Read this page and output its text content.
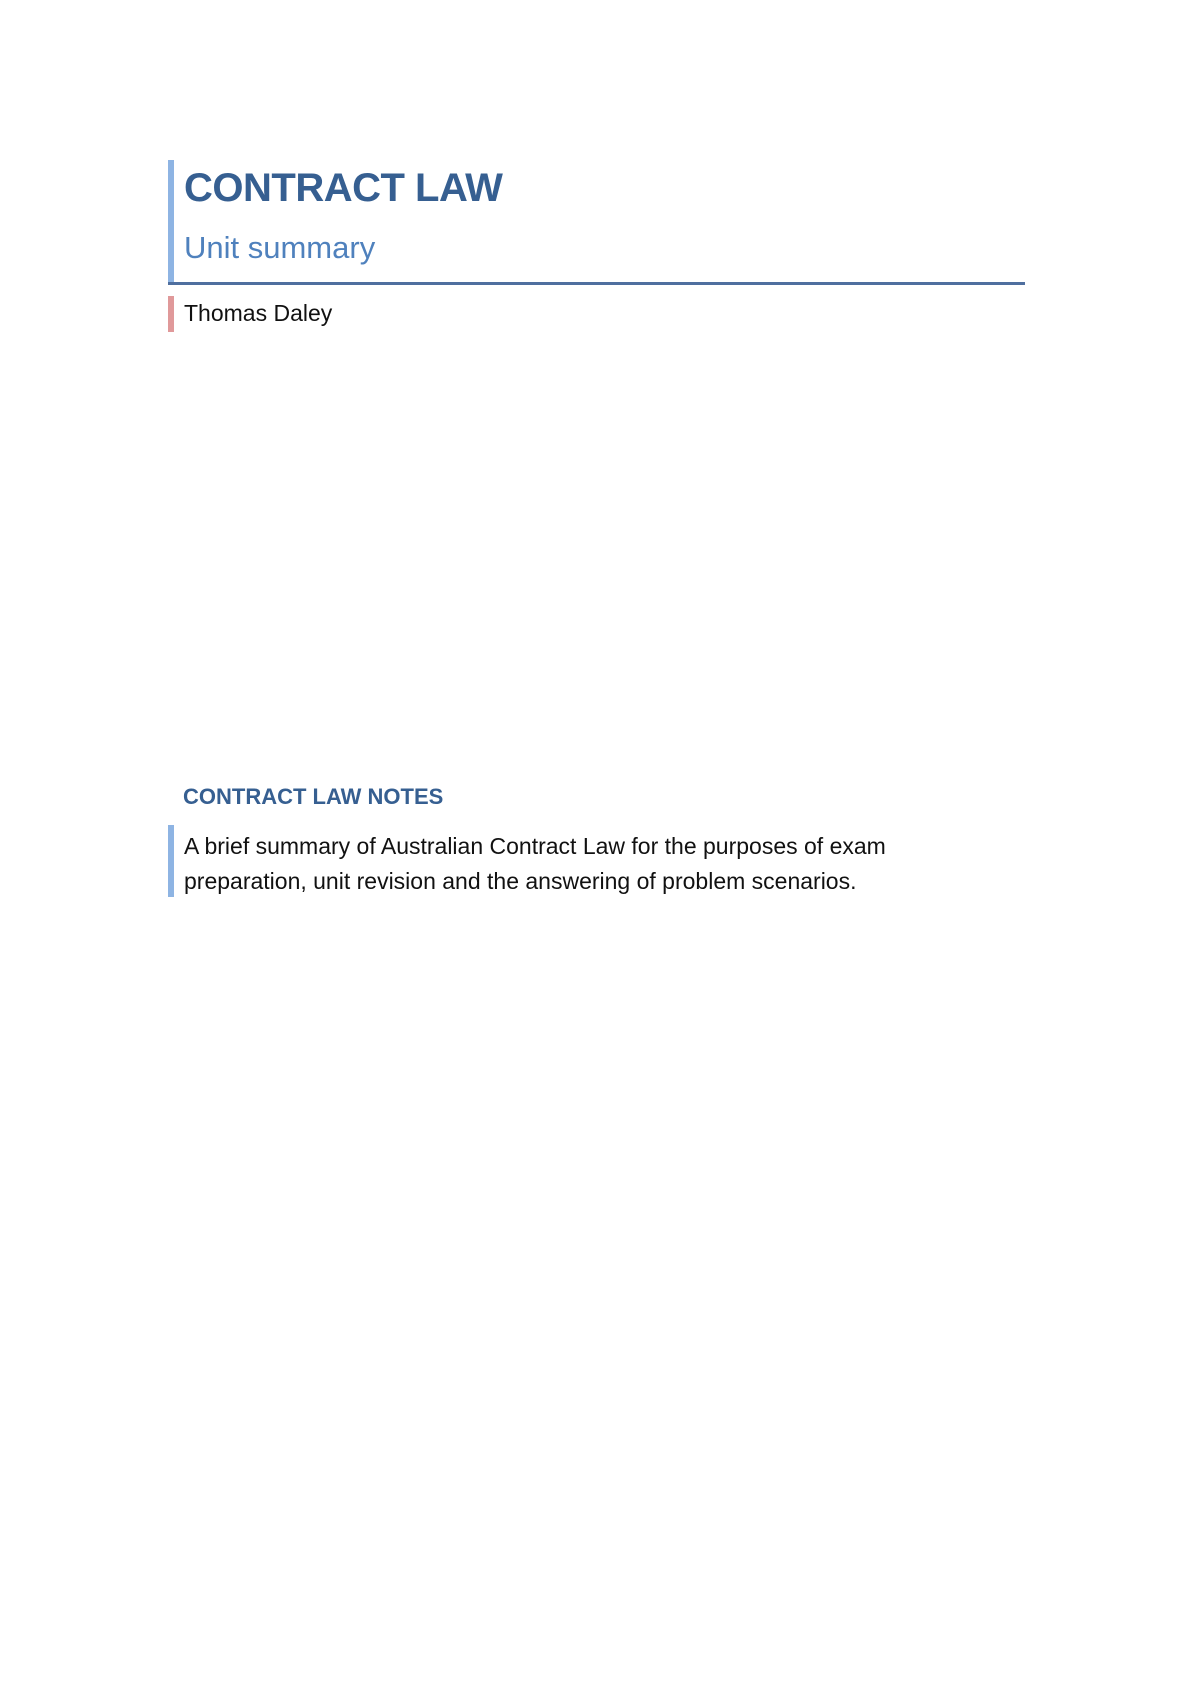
CONTRACT LAW
Unit summary
Thomas Daley
CONTRACT LAW NOTES
A brief summary of Australian Contract Law for the purposes of exam preparation, unit revision and the answering of problem scenarios.
